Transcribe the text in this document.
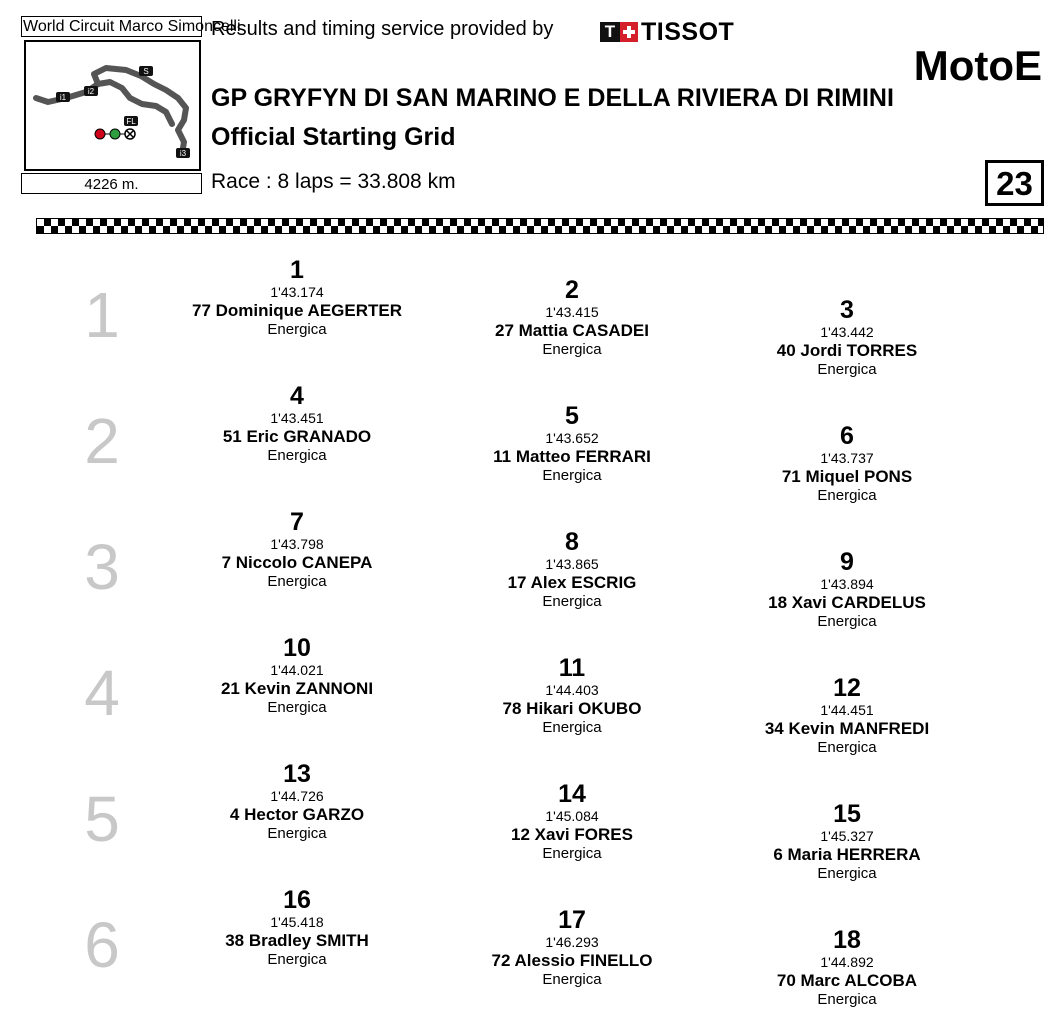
World Circuit Marco Simoncelli
S
i1
i2
FL
i3
4226 m.
Results and timing service provided by	T TISSOT
MotoE
GP GRYFYN DI SAN MARINO E DELLA RIVIERA DI RIMINI
Official Starting Grid
Race : 8 laps = 33.808 km	23
1
1
1'43.174
77 Dominique AEGERTER
Energica
2
1'43.415
27 Mattia CASADEI
Energica
3
1'43.442
40 Jordi TORRES
Energica
2
4
1'43.451
51 Eric GRANADO
Energica
5
1'43.652
11 Matteo FERRARI
Energica
6
1'43.737
71 Miquel PONS
Energica
3
7
1'43.798
7 Niccolo CANEPA
Energica
8
1'43.865
17 Alex ESCRIG
Energica
9
1'43.894
18 Xavi CARDELUS
Energica
4
10
1'44.021
21 Kevin ZANNONI
Energica
11
1'44.403
78 Hikari OKUBO
Energica
12
1'44.451
34 Kevin MANFREDI
Energica
5
13
1'44.726
4 Hector GARZO
Energica
14
1'45.084
12 Xavi FORES
Energica
15
1'45.327
6 Maria HERRERA
Energica
6
16
1'45.418
38 Bradley SMITH
Energica
17
1'46.293
72 Alessio FINELLO
Energica
18
1'44.892
70 Marc ALCOBA
Energica
